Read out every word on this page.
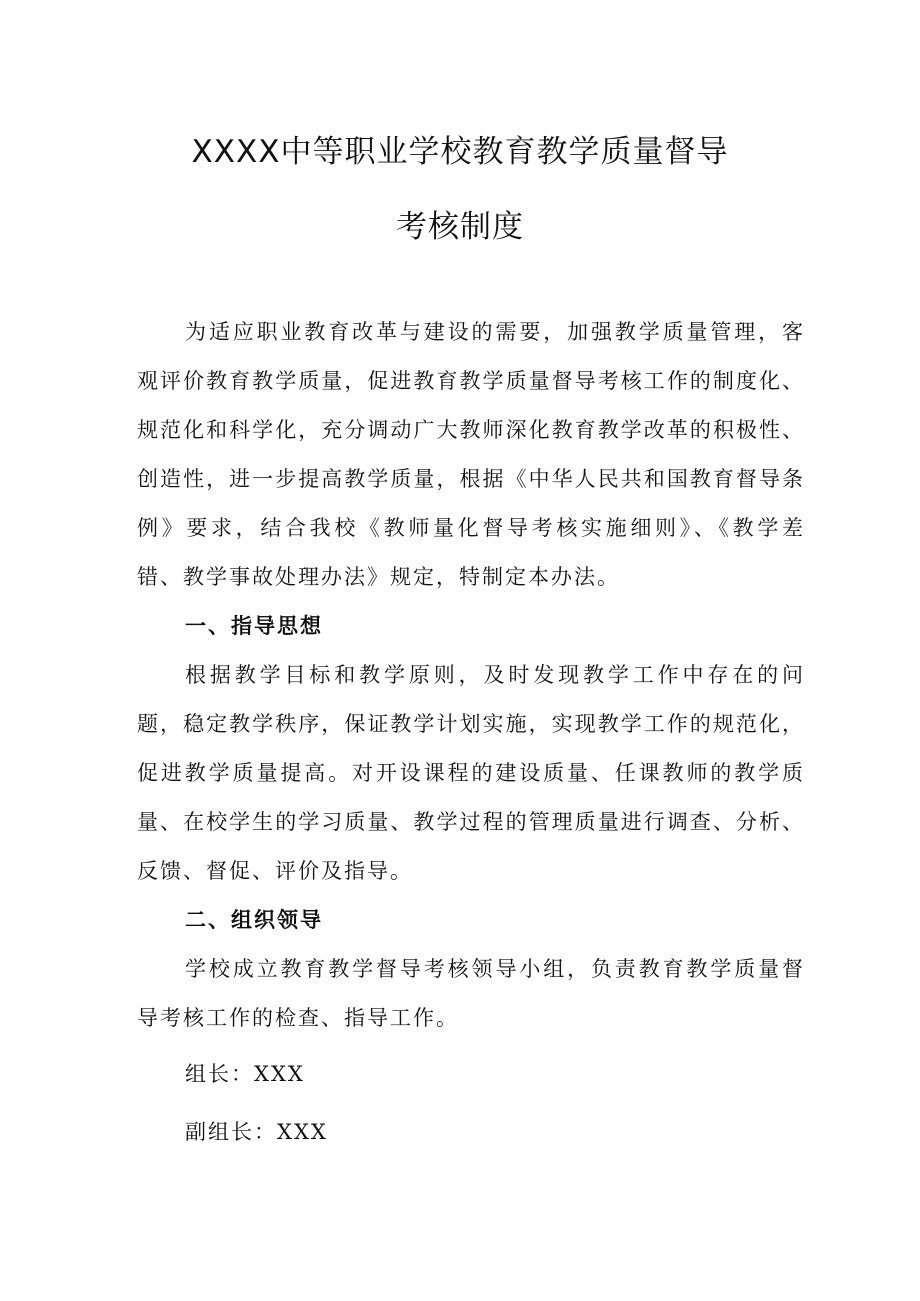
XXXX中等职业学校教育教学质量督导
考核制度

为适应职业教育改革与建设的需要，加强教学质量管理，客观评价教育教学质量，促进教育教学质量督导考核工作的制度化、规范化和科学化，充分调动广大教师深化教育教学改革的积极性、创造性，进一步提高教学质量，根据《中华人民共和国教育督导条例》要求，结合我校《教师量化督导考核实施细则》、《教学差错、教学事故处理办法》规定，特制定本办法。

一、指导思想

根据教学目标和教学原则，及时发现教学工作中存在的问题，稳定教学秩序，保证教学计划实施，实现教学工作的规范化，促进教学质量提高。对开设课程的建设质量、任课教师的教学质量、在校学生的学习质量、教学过程的管理质量进行调查、分析、反馈、督促、评价及指导。

二、组织领导

学校成立教育教学督导考核领导小组，负责教育教学质量督导考核工作的检查、指导工作。

组长：XXX

副组长：XXX
